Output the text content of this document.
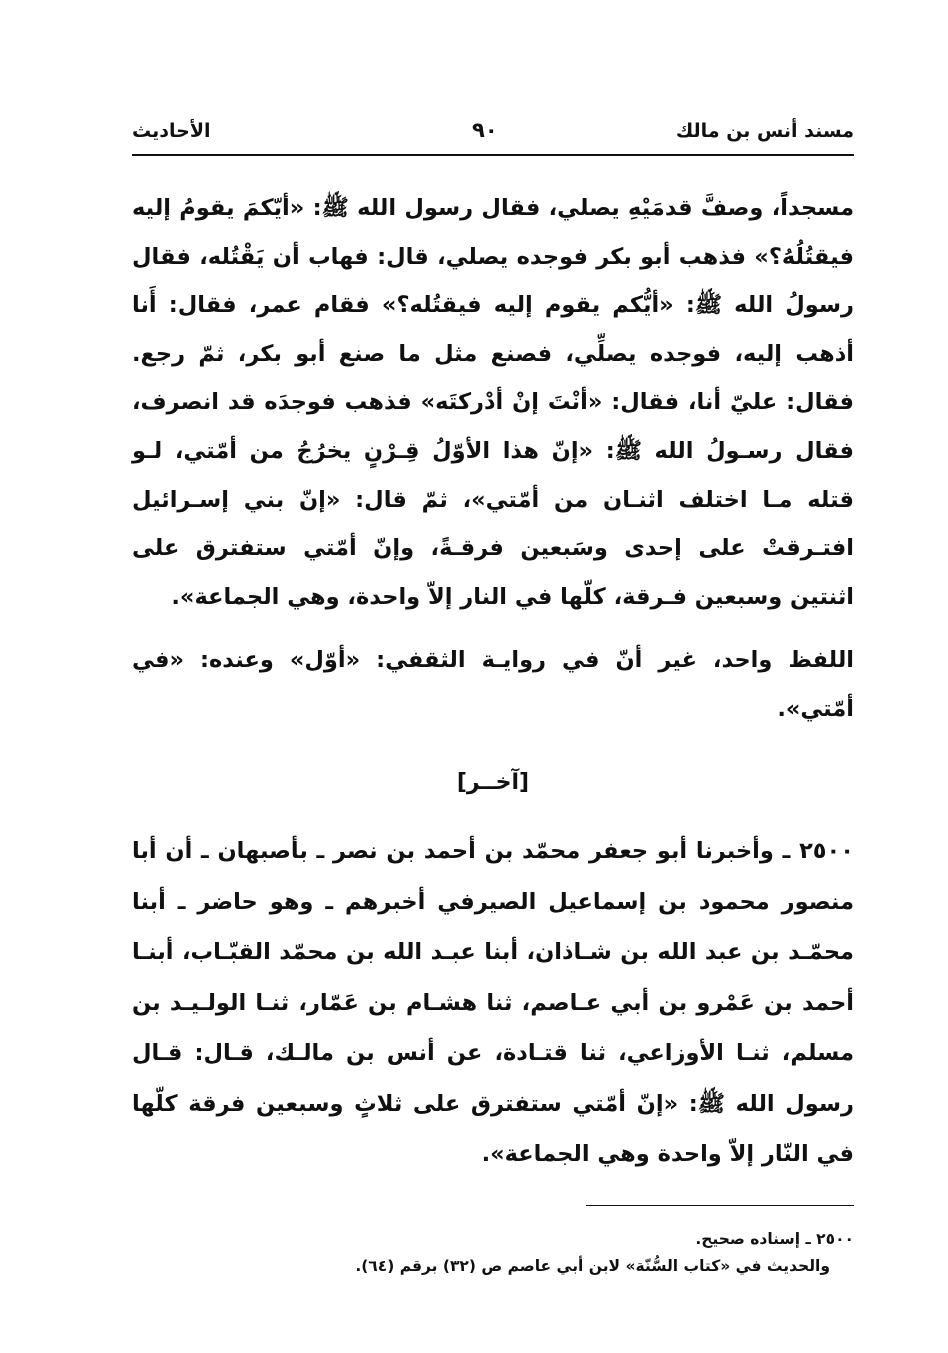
مسند أنس بن مالك
٩٠
الأحاديث

مسجداً، وصفَّ قدمَيْهِ يصلي، فقال رسول الله ﷺ: «أيّكمَ يقومُ إليه فيقتُلُهُ؟» فذهب أبو بكر فوجده يصلي، قال: فهاب أن يَقْتُله، فقال رسولُ الله ﷺ: «أيُّكم يقوم إليه فيقتُله؟» فقام عمر، فقال: أَنا أذهب إليه، فوجده يصلِّي، فصنع مثل ما صنع أبو بكر، ثمّ رجع. فقال: عليّ أنا، فقال: «أنْتَ إنْ أدْركتَه» فذهب فوجدَه قد انصرف، فقال رسـولُ الله ﷺ: «إنّ هذا الأوّلُ قِـرْنٍ يخرُجُ من أمّتي، لـو قتله مـا اختلف اثنـان من أمّتي»، ثمّ قال: «إنّ بني إسـرائيل افتـرقتْ على إحدى وسَبعين فرقـةً، وإنّ أمّتي ستفترق على اثنتين وسبعين فـرقة، كلّها في النار إلاّ واحدة، وهي الجماعة».

اللفظ واحد، غير أنّ في روايـة الثقفي: «أوّل» وعنده: «في أمّتي».

[آخــر]

٢٥٠٠ ـ وأخبرنا أبو جعفر محمّد بن أحمد بن نصر ـ بأصبهان ـ أن أبا منصور محمود بن إسماعيل الصيرفي أخبرهم ـ وهو حاضر ـ أبنا محمّـد بن عبد الله بن شـاذان، أبنا عبـد الله بن محمّد القبّـاب، أبنـا أحمد بن عَمْرو بن أبي عـاصم، ثنا هشـام بن عَمّار، ثنـا الولـيـد بن مسلم، ثنـا الأوزاعي، ثنا قتـادة، عن أنس بن مالـك، قـال: قـال رسول الله ﷺ: «إنّ أمّتي ستفترق على ثلاثٍ وسبعين فرقة كلّها في النّار إلاّ واحدة وهي الجماعة».

٢٥٠٠ ـ إسناده صحيح.
والحديث في «كتاب السُّنّة» لابن أبي عاصم ص (٣٢) برقم (٦٤).
